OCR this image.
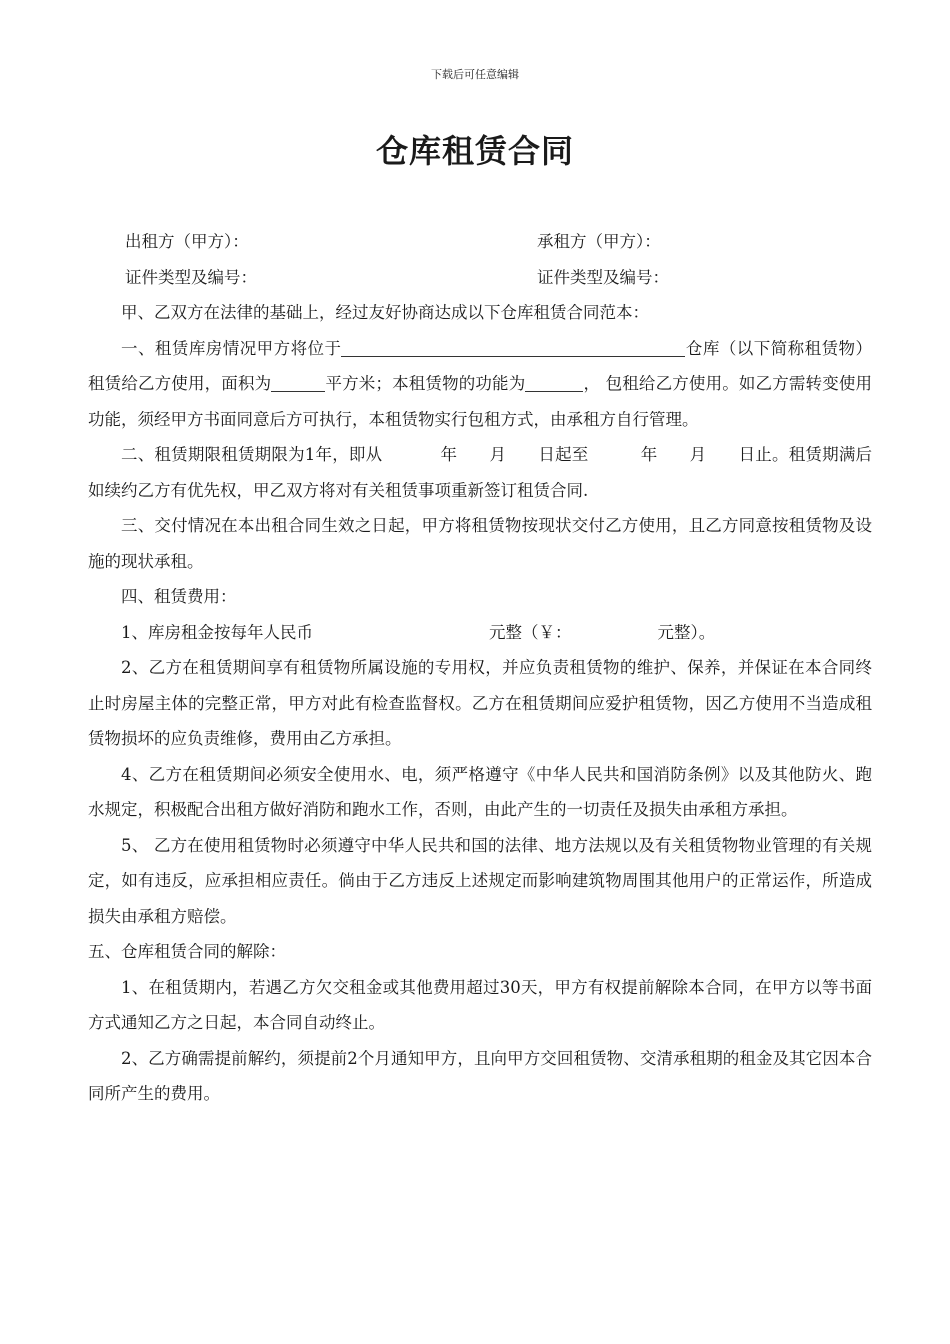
下载后可任意编辑
仓库租赁合同
出租方（甲方）：	承租方（甲方）：
证件类型及编号：	证件类型及编号：

甲、乙双方在法律的基础上，经过友好协商达成以下仓库租赁合同范本：

一、租赁库房情况甲方将位于	仓库（以下简称租赁物）租赁给乙方使用，面积为	平方米；本租赁物的功能为	， 包租给乙方使用。如乙方需转变使用功能，须经甲方书面同意后方可执行，本租赁物实行包租方式，由承租方自行管理。

二、租赁期限租赁期限为1年，即从	年 月 日起至	年 月 日止。租赁期满后如续约乙方有优先权，甲乙双方将对有关租赁事项重新签订租赁合同.

三、交付情况在本出租合同生效之日起，甲方将租赁物按现状交付乙方使用，且乙方同意按租赁物及设施的现状承租。

四、租赁费用：

1、库房租金按每年人民币	元整（￥：	元整）。

2、乙方在租赁期间享有租赁物所属设施的专用权，并应负责租赁物的维护、保养，并保证在本合同终止时房屋主体的完整正常，甲方对此有检查监督权。乙方在租赁期间应爱护租赁物，因乙方使用不当造成租赁物损坏的应负责维修，费用由乙方承担。

4、乙方在租赁期间必须安全使用水、电，须严格遵守《中华人民共和国消防条例》以及其他防火、跑水规定，积极配合出租方做好消防和跑水工作，否则，由此产生的一切责任及损失由承租方承担。

5、 乙方在使用租赁物时必须遵守中华人民共和国的法律、地方法规以及有关租赁物物业管理的有关规定，如有违反，应承担相应责任。倘由于乙方违反上述规定而影响建筑物周围其他用户的正常运作，所造成损失由承租方赔偿。

五、仓库租赁合同的解除：

1、在租赁期内，若遇乙方欠交租金或其他费用超过30天，甲方有权提前解除本合同，在甲方以等书面方式通知乙方之日起，本合同自动终止。

2、乙方确需提前解约，须提前2个月通知甲方，且向甲方交回租赁物、交清承租期的租金及其它因本合同所产生的费用。
